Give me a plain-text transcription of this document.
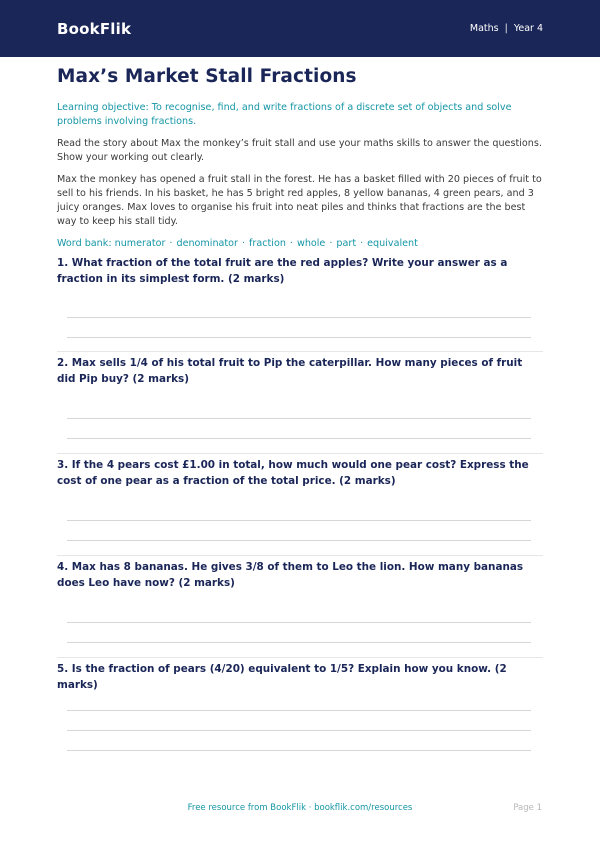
BookFlik	Maths | Year 4
Max’s Market Stall Fractions

Learning objective: To recognise, find, and write fractions of a discrete set of objects and solve problems involving fractions.

Read the story about Max the monkey’s fruit stall and use your maths skills to answer the questions. Show your working out clearly.

Max the monkey has opened a fruit stall in the forest. He has a basket filled with 20 pieces of fruit to sell to his friends. In his basket, he has 5 bright red apples, 8 yellow bananas, 4 green pears, and 3 juicy oranges. Max loves to organise his fruit into neat piles and thinks that fractions are the best way to keep his stall tidy.

Word bank:
numerator · denominator · fraction · whole · part · equivalent
1. What fraction of the total fruit are the red apples? Write your answer as a fraction in its simplest form. (2 marks)
2. Max sells 1/4 of his total fruit to Pip the caterpillar. How many pieces of fruit did Pip buy? (2 marks)
3. If the 4 pears cost £1.00 in total, how much would one pear cost? Express the cost of one pear as a fraction of the total price. (2 marks)
4. Max has 8 bananas. He gives 3/8 of them to Leo the lion. How many bananas does Leo have now? (2 marks)
5. Is the fraction of pears (4/20) equivalent to 1/5? Explain how you know. (2 marks)
Free resource from BookFlik · bookflik.com/resources	Page 1
